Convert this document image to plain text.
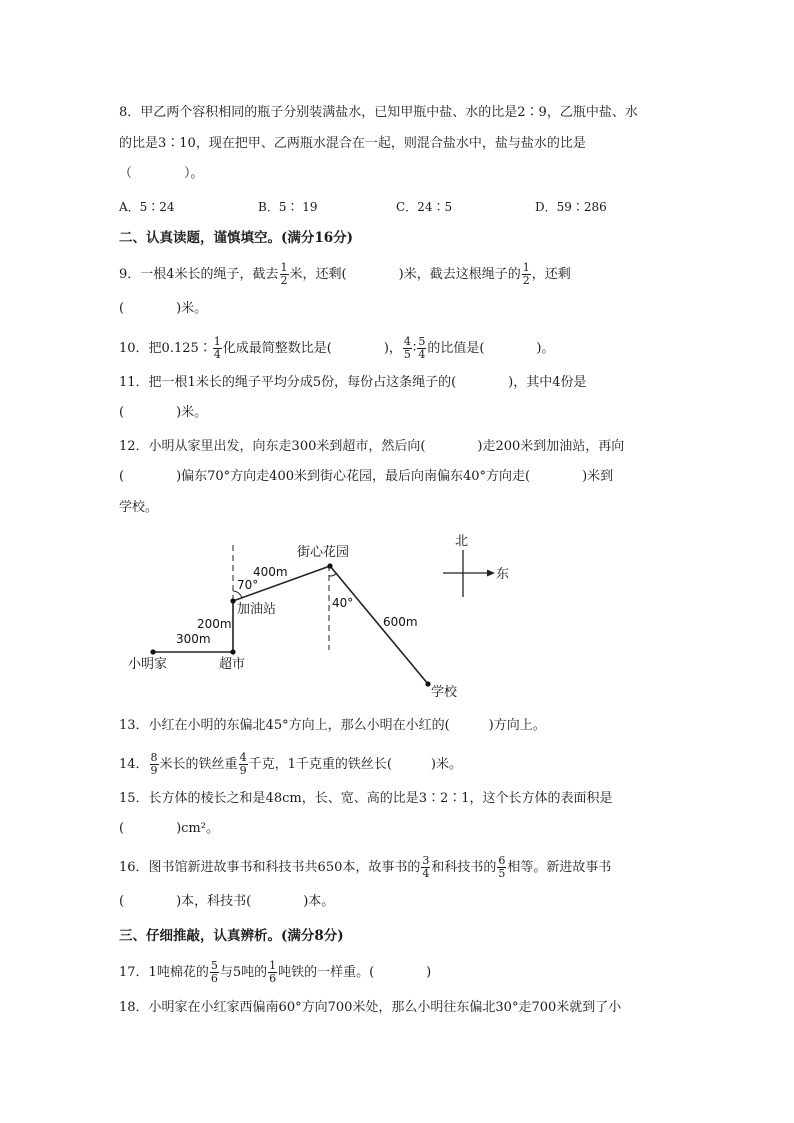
8．甲乙两个容积相同的瓶子分别装满盐水，已知甲瓶中盐、水的比是2∶9，乙瓶中盐、水
的比是3∶10，现在把甲、乙两瓶水混合在一起，则混合盐水中，盐与盐水的比是
（　　　　）。
A．5∶24	B．5∶ 19	C．24∶5	D．59∶286
二、认真读题，谨慎填空。(满分16分)
9．一根4米长的绳子，截去 $\frac{1}{2}$ 米，还剩(　　　　)米，截去这根绳子的 $\frac{1}{2}$ ，还剩
(　　　　)米。
10．把0.125∶ $\frac{1}{4}$ 化成最简整数比是(　　　　)， $\frac{4}{5}$ ∶ $\frac{5}{4}$ 的比值是(　　　　)。
11．把一根1米长的绳子平均分成5份，每份占这条绳子的(　　　　)，其中4份是
(　　　　)米。
12．小明从家里出发，向东走300米到超市，然后向(　　　　)走200米到加油站，再向
(　　　　)偏东70°方向走400米到街心花园，最后向南偏东40°方向走(　　　　)米到
学校。
小明家	超市
加油站
街心花园
学校
300m
200m
400m
600m
70°
40°
北
东
13．小红在小明的东偏北45°方向上，那么小明在小红的(　　　)方向上。
14． $\frac{8}{9}$ 米长的铁丝重 $\frac{4}{9}$ 千克，1千克重的铁丝长(　　　)米。
15．长方体的棱长之和是48cm，长、宽、高的比是3∶2∶1，这个长方体的表面积是
(　　　　)cm²。
16．图书馆新进故事书和科技书共650本，故事书的 $\frac{3}{4}$ 和科技书的 $\frac{6}{5}$ 相等。新进故事书
(　　　　)本，科技书(　　　　)本。
三、仔细推敲，认真辨析。(满分8分)
17．1吨棉花的 $\frac{5}{6}$ 与5吨的 $\frac{1}{6}$ 吨铁的一样重。(　　　　)
18．小明家在小红家西偏南60°方向700米处，那么小明往东偏北30°走700米就到了小
